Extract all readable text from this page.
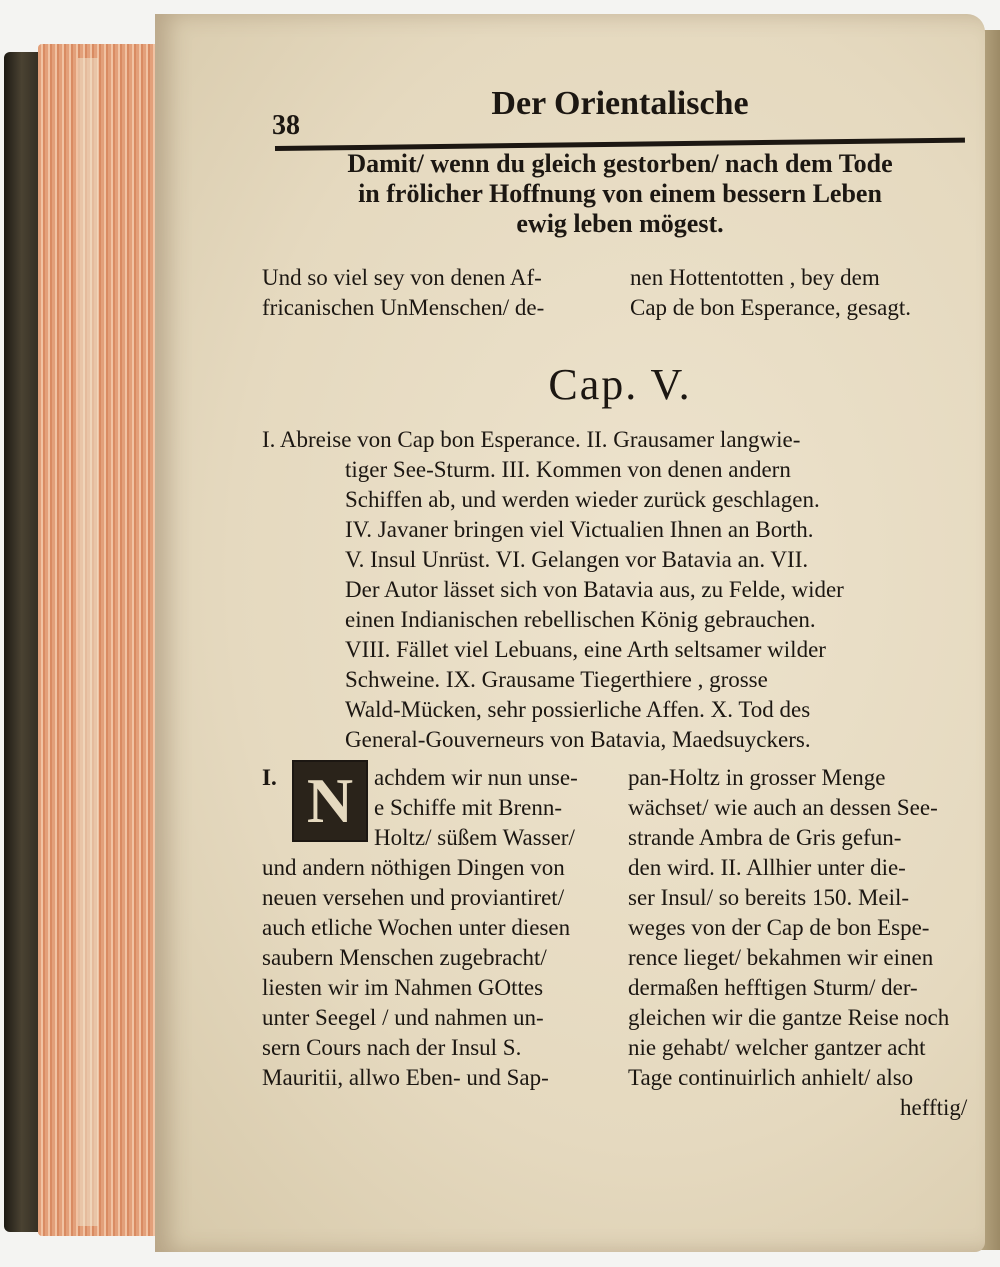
38
Der Orientalische
Damit/ wenn du gleich gestorben/ nach dem Tode
in frölicher Hoffnung von einem bessern Leben
ewig leben mögest.
Und so viel sey von denen Af-
fricanischen UnMenschen/ de-
nen Hottentotten , bey dem
Cap de bon Esperance, gesagt.
Cap. V.
I. Abreise von Cap bon Esperance. II. Grausamer langwie-
tiger See-Sturm. III. Kommen von denen andern
Schiffen ab, und werden wieder zurück geschlagen.
IV. Javaner bringen viel Victualien Ihnen an Borth.
V. Insul Unrüst. VI. Gelangen vor Batavia an. VII.
Der Autor lässet sich von Batavia aus, zu Felde, wider
einen Indianischen rebellischen König gebrauchen.
VIII. Fället viel Lebuans, eine Arth seltsamer wilder
Schweine. IX. Grausame Tiegerthiere , grosse
Wald-Mücken, sehr possierliche Affen. X. Tod des
General-Gouverneurs von Batavia, Maedsuyckers.
I. N achdem wir nun unse-
e Schiffe mit Brenn-
Holtz/ süßem Wasser/
und andern nöthigen Dingen von
neuen versehen und proviantiret/
auch etliche Wochen unter diesen
saubern Menschen zugebracht/
liesten wir im Nahmen GOttes
unter Seegel / und nahmen un-
sern Cours nach der Insul S.
Mauritii, allwo Eben- und Sap-
pan-Holtz in grosser Menge
wächset/ wie auch an dessen See-
strande Ambra de Gris gefun-
den wird. II. Allhier unter die-
ser Insul/ so bereits 150. Meil-
weges von der Cap de bon Espe-
rence lieget/ bekahmen wir einen
dermaßen hefftigen Sturm/ der-
gleichen wir die gantze Reise noch
nie gehabt/ welcher gantzer acht
Tage continuirlich anhielt/ also
hefftig/
